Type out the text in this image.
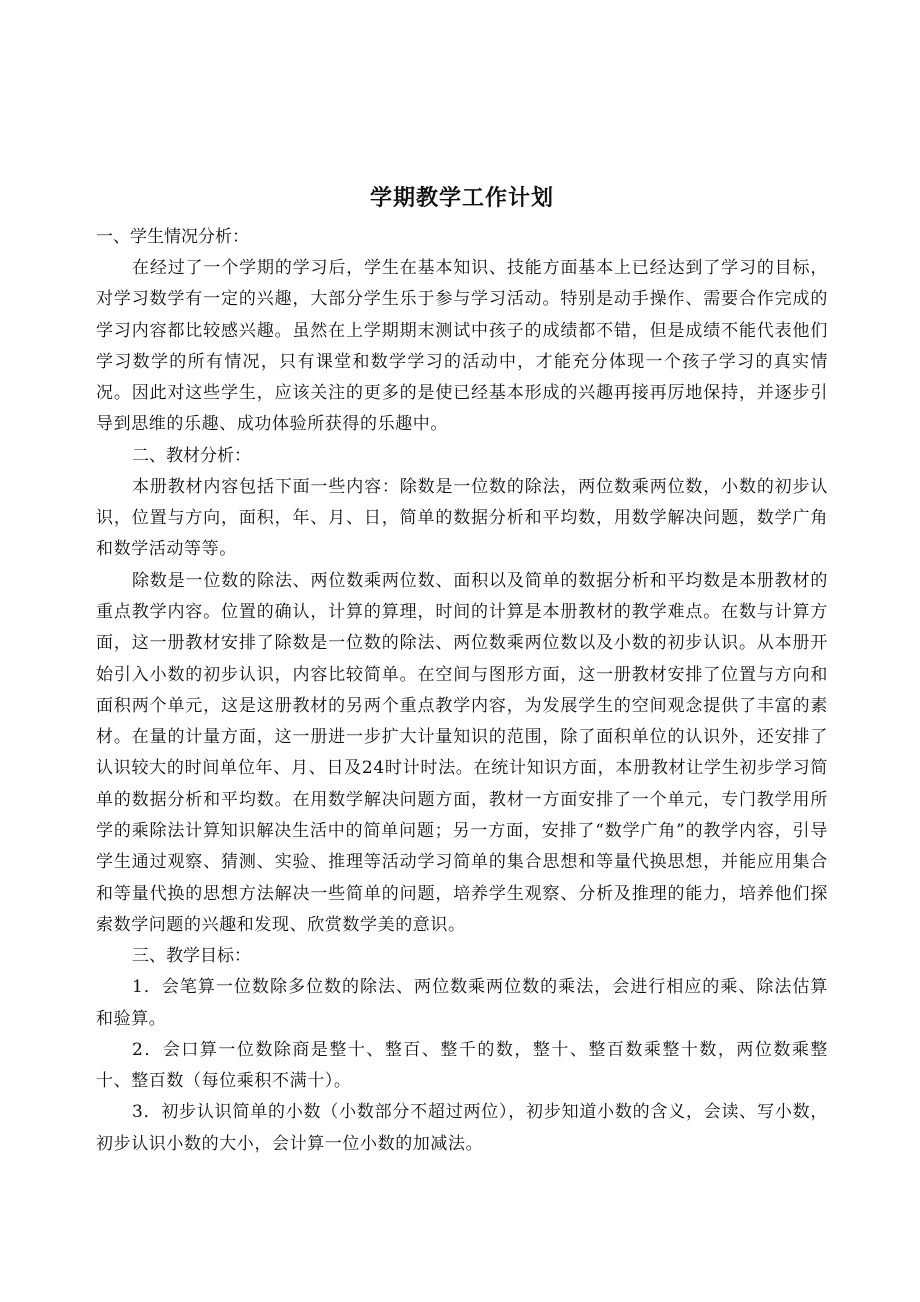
学期教学工作计划

一、学生情况分析：

在经过了一个学期的学习后，学生在基本知识、技能方面基本上已经达到了学习的目标，对学习数学有一定的兴趣，大部分学生乐于参与学习活动。特别是动手操作、需要合作完成的学习内容都比较感兴趣。虽然在上学期期末测试中孩子的成绩都不错，但是成绩不能代表他们学习数学的所有情况，只有课堂和数学学习的活动中，才能充分体现一个孩子学习的真实情况。因此对这些学生，应该关注的更多的是使已经基本形成的兴趣再接再厉地保持，并逐步引导到思维的乐趣、成功体验所获得的乐趣中。

二、教材分析：

本册教材内容包括下面一些内容：除数是一位数的除法，两位数乘两位数，小数的初步认识，位置与方向，面积，年、月、日，简单的数据分析和平均数，用数学解决问题，数学广角和数学活动等等。

除数是一位数的除法、两位数乘两位数、面积以及简单的数据分析和平均数是本册教材的重点教学内容。位置的确认，计算的算理，时间的计算是本册教材的教学难点。在数与计算方面，这一册教材安排了除数是一位数的除法、两位数乘两位数以及小数的初步认识。从本册开始引入小数的初步认识，内容比较简单。在空间与图形方面，这一册教材安排了位置与方向和面积两个单元，这是这册教材的另两个重点教学内容，为发展学生的空间观念提供了丰富的素材。在量的计量方面，这一册进一步扩大计量知识的范围，除了面积单位的认识外，还安排了认识较大的时间单位年、月、日及24时计时法。在统计知识方面，本册教材让学生初步学习简单的数据分析和平均数。在用数学解决问题方面，教材一方面安排了一个单元，专门教学用所学的乘除法计算知识解决生活中的简单问题；另一方面，安排了“数学广角”的教学内容，引导学生通过观察、猜测、实验、推理等活动学习简单的集合思想和等量代换思想，并能应用集合和等量代换的思想方法解决一些简单的问题，培养学生观察、分析及推理的能力，培养他们探索数学问题的兴趣和发现、欣赏数学美的意识。

三、教学目标：

1．会笔算一位数除多位数的除法、两位数乘两位数的乘法，会进行相应的乘、除法估算和验算。

2．会口算一位数除商是整十、整百、整千的数，整十、整百数乘整十数，两位数乘整十、整百数（每位乘积不满十）。

3．初步认识简单的小数（小数部分不超过两位），初步知道小数的含义，会读、写小数，初步认识小数的大小，会计算一位小数的加减法。
